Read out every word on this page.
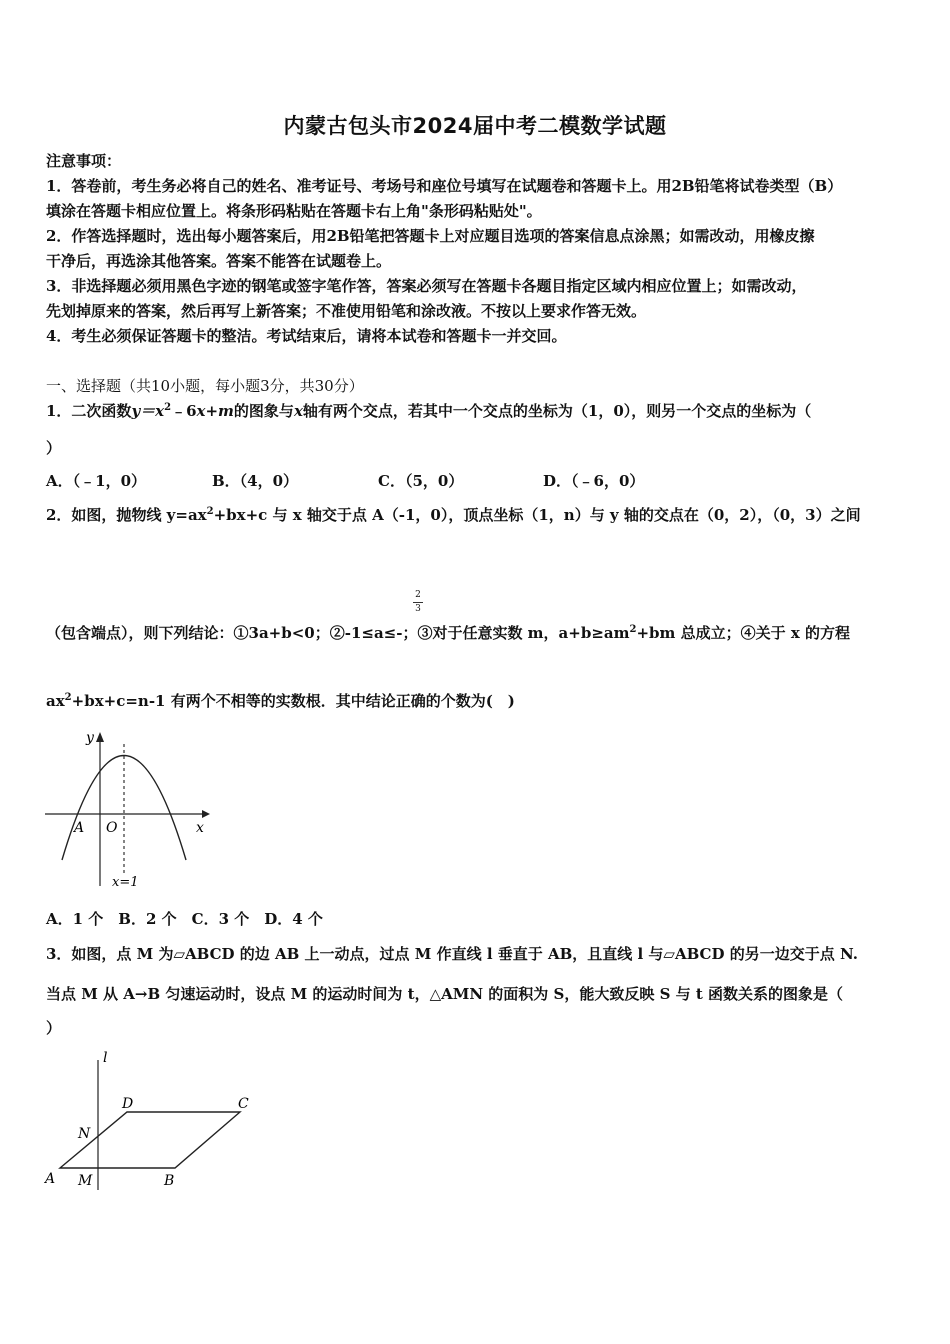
内蒙古包头市2024届中考二模数学试题
注意事项：
1．答卷前，考生务必将自己的姓名、准考证号、考场号和座位号填写在试题卷和答题卡上。用2B铅笔将试卷类型（B）
填涂在答题卡相应位置上。将条形码粘贴在答题卡右上角"条形码粘贴处"。
2．作答选择题时，选出每小题答案后，用2B铅笔把答题卡上对应题目选项的答案信息点涂黑；如需改动，用橡皮擦
干净后，再选涂其他答案。答案不能答在试题卷上。
3．非选择题必须用黑色字迹的钢笔或签字笔作答，答案必须写在答题卡各题目指定区域内相应位置上；如需改动，
先划掉原来的答案，然后再写上新答案；不准使用铅笔和涂改液。不按以上要求作答无效。
4．考生必须保证答题卡的整洁。考试结束后，请将本试卷和答题卡一并交回。
一、选择题（共10小题，每小题3分，共30分）
1．二次函数$y=x^2﹣6x+m$的图象与x轴有两个交点，若其中一个交点的坐标为（1，0），则另一个交点的坐标为（
）
A．（﹣1，0）	B．（4，0）	C．（5，0）	D．（﹣6，0）
2．如图，抛物线 $y=ax^2+bx+c$ 与 x 轴交于点 A（-1，0），顶点坐标（1，n）与 y 轴的交点在（0，2），（0，3）之间
2
3
（包含端点），则下列结论：①3a+b<0；②-1≤a≤-；③对于任意实数 m，$a+b\ge am^2+bm$ 总成立；④关于 x 的方程
$ax^2+bx+c=n-1$ 有两个不相等的实数根．其中结论正确的个数为(　)
y
x
A O
x=1
A．1 个　B．2 个　C．3 个　D．4 个
3．如图，点 M 为▱ABCD 的边 AB 上一动点，过点 M 作直线 l 垂直于 AB，且直线 l 与▱ABCD 的另一边交于点 N.
当点 M 从 A→B 匀速运动时，设点 M 的运动时间为 t，△AMN 的面积为 S，能大致反映 S 与 t 函数关系的图象是（
）
l
D	C
N
A M	B
